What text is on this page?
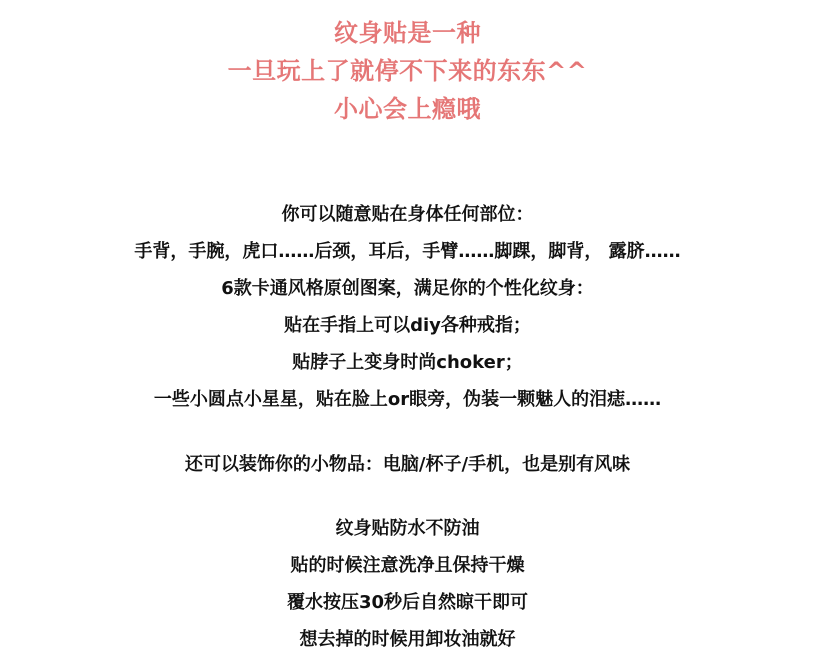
纹身贴是一种
一旦玩上了就停不下来的东东^^
小心会上瘾哦
你可以随意贴在身体任何部位：
手背，手腕，虎口……后颈，耳后，手臂……脚踝，脚背， 露脐……
6款卡通风格原创图案，满足你的个性化纹身：
贴在手指上可以diy各种戒指；
贴脖子上变身时尚choker；
一些小圆点小星星，贴在脸上or眼旁，伪装一颗魅人的泪痣……
还可以装饰你的小物品：电脑/杯子/手机，也是别有风味
纹身贴防水不防油
贴的时候注意洗净且保持干燥
覆水按压30秒后自然晾干即可
想去掉的时候用卸妆油就好
